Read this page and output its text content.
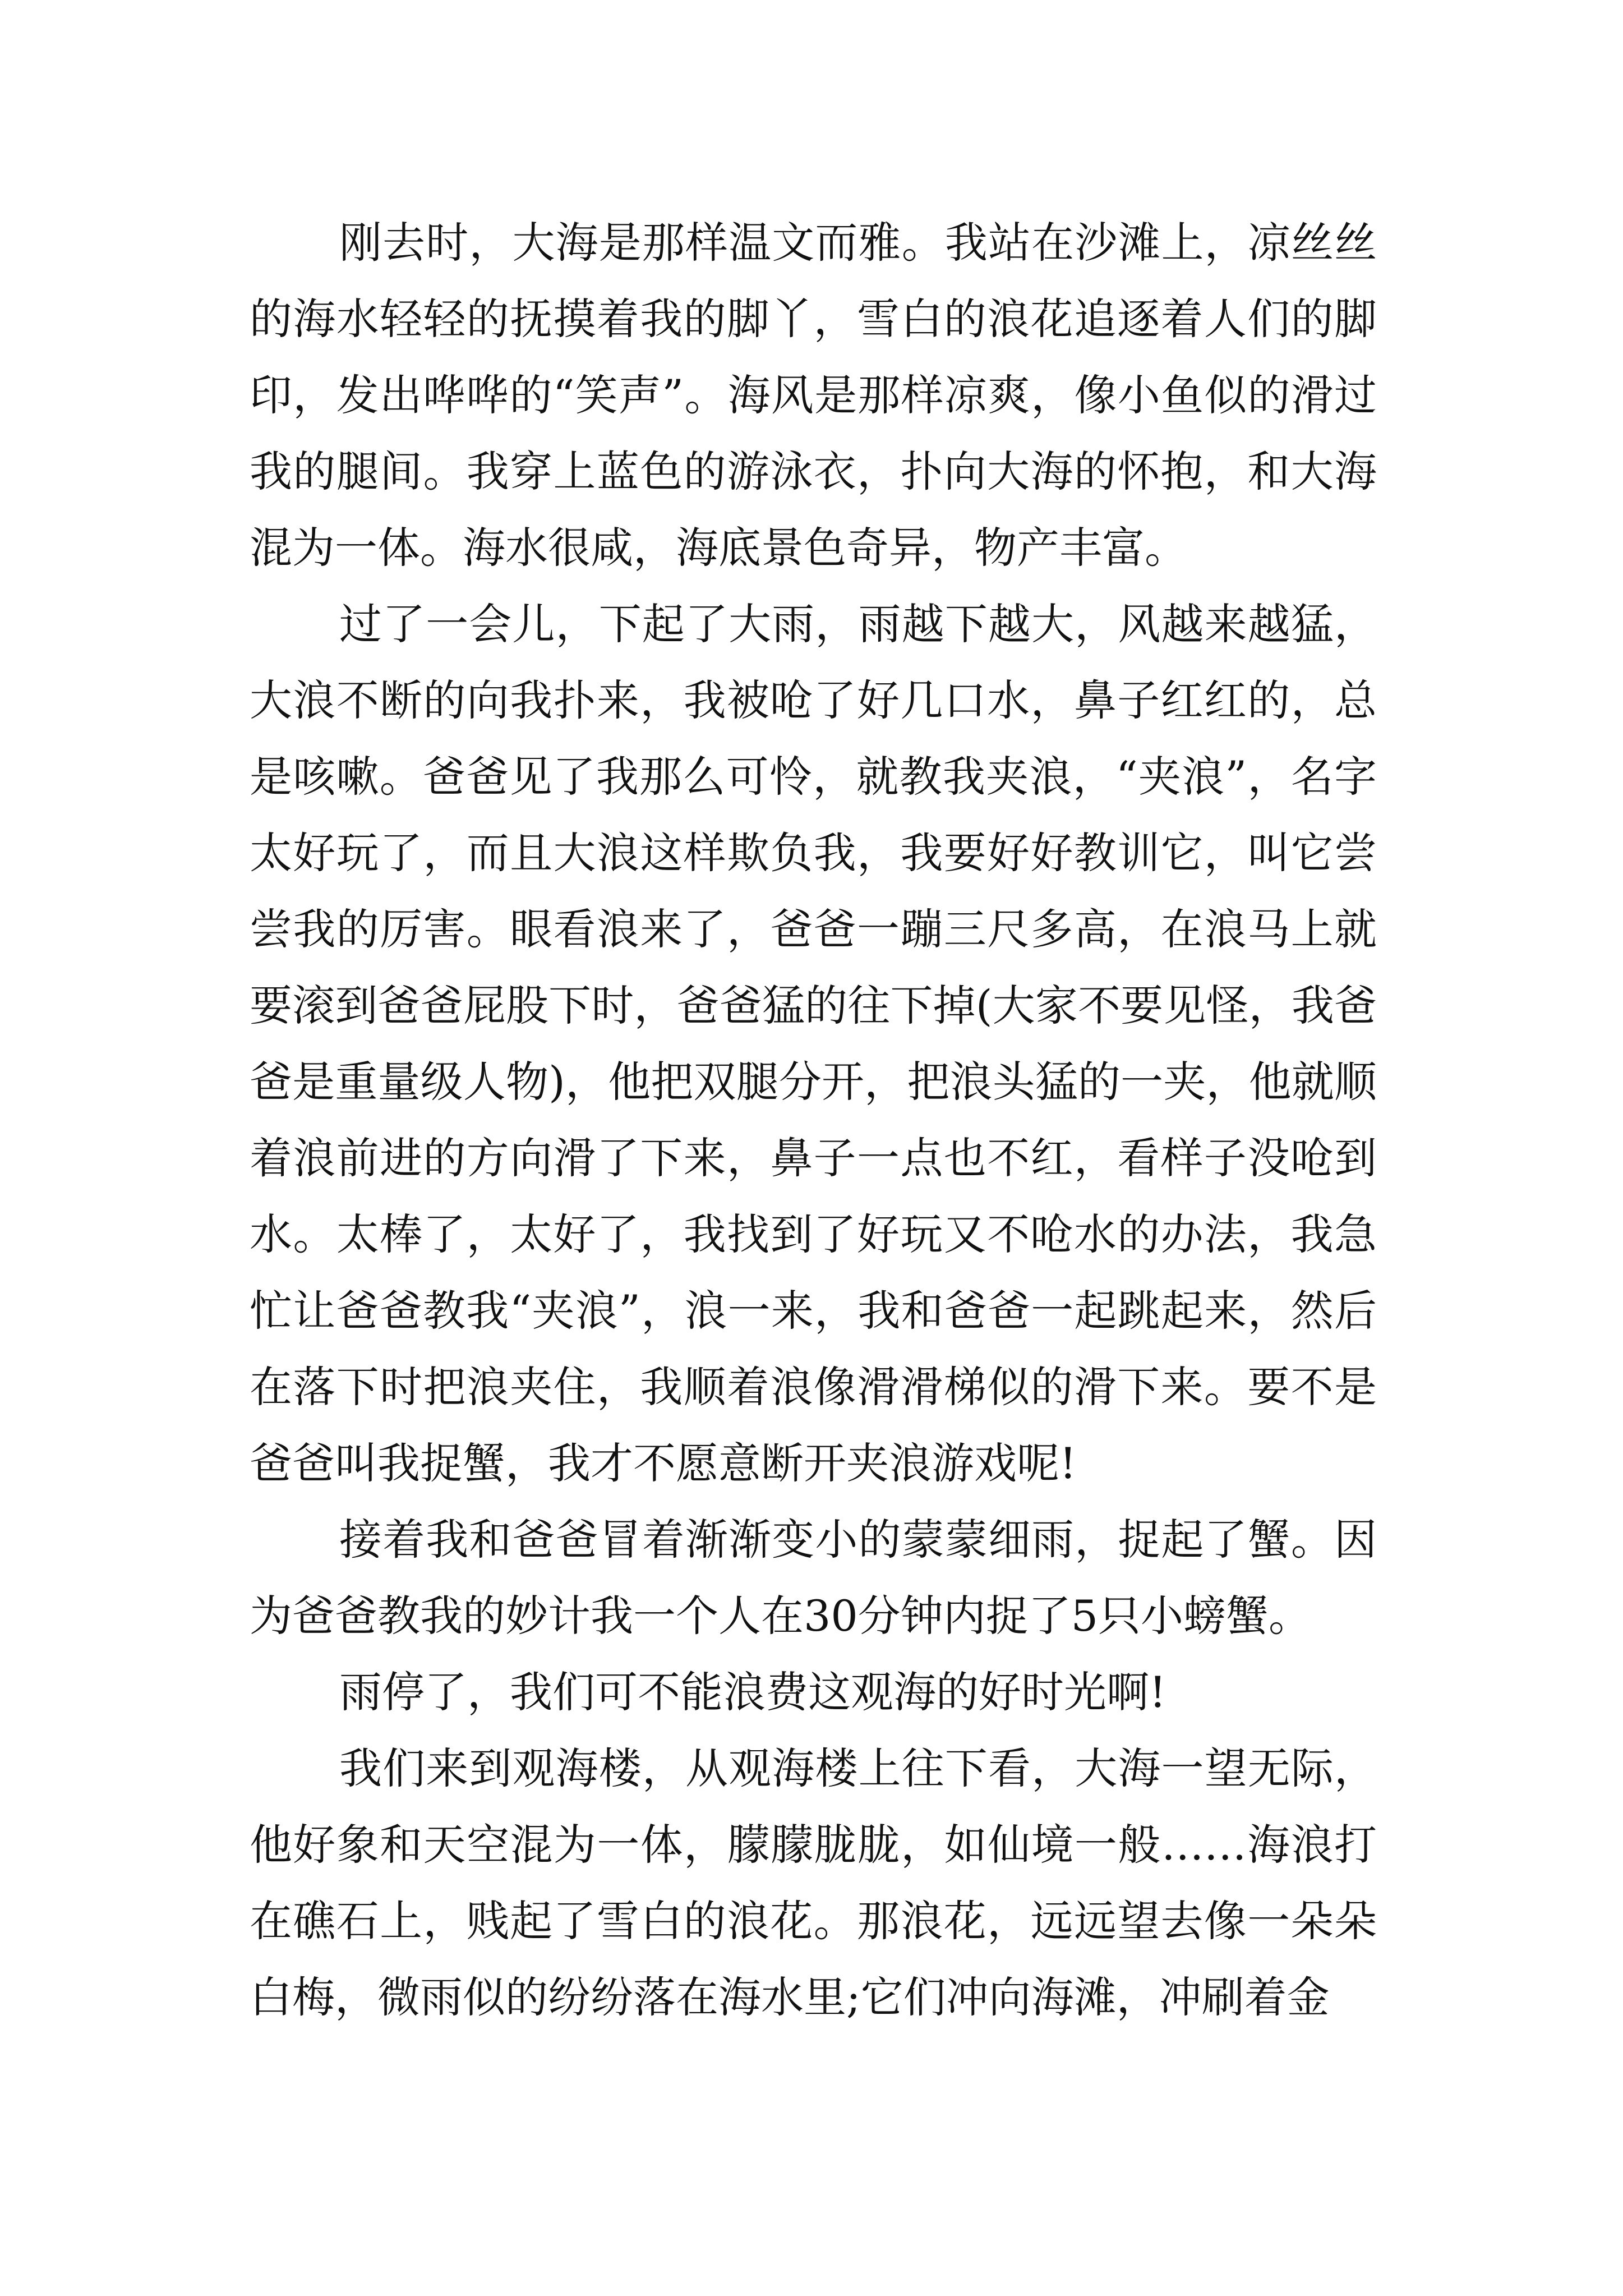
刚去时，大海是那样温文而雅。我站在沙滩上，凉丝丝的海水轻轻的抚摸着我的脚丫，雪白的浪花追逐着人们的脚印，发出哗哗的“笑声”。海风是那样凉爽，像小鱼似的滑过我的腿间。我穿上蓝色的游泳衣，扑向大海的怀抱，和大海混为一体。海水很咸，海底景色奇异，物产丰富。

过了一会儿，下起了大雨，雨越下越大，风越来越猛，大浪不断的向我扑来，我被呛了好几口水，鼻子红红的，总是咳嗽。爸爸见了我那么可怜，就教我夹浪，“夹浪”，名字太好玩了，而且大浪这样欺负我，我要好好教训它，叫它尝尝我的厉害。眼看浪来了，爸爸一蹦三尺多高，在浪马上就要滚到爸爸屁股下时，爸爸猛的往下掉(大家不要见怪，我爸爸是重量级人物)，他把双腿分开，把浪头猛的一夹，他就顺着浪前进的方向滑了下来，鼻子一点也不红，看样子没呛到水。太棒了，太好了，我找到了好玩又不呛水的办法，我急忙让爸爸教我“夹浪”，浪一来，我和爸爸一起跳起来，然后在落下时把浪夹住，我顺着浪像滑滑梯似的滑下来。要不是爸爸叫我捉蟹，我才不愿意断开夹浪游戏呢!

接着我和爸爸冒着渐渐变小的蒙蒙细雨，捉起了蟹。因为爸爸教我的妙计我一个人在30分钟内捉了5只小螃蟹。

雨停了，我们可不能浪费这观海的好时光啊!

我们来到观海楼，从观海楼上往下看，大海一望无际，他好象和天空混为一体，朦朦胧胧，如仙境一般……海浪打在礁石上，贱起了雪白的浪花。那浪花，远远望去像一朵朵白梅，微雨似的纷纷落在海水里;它们冲向海滩，冲刷着金
